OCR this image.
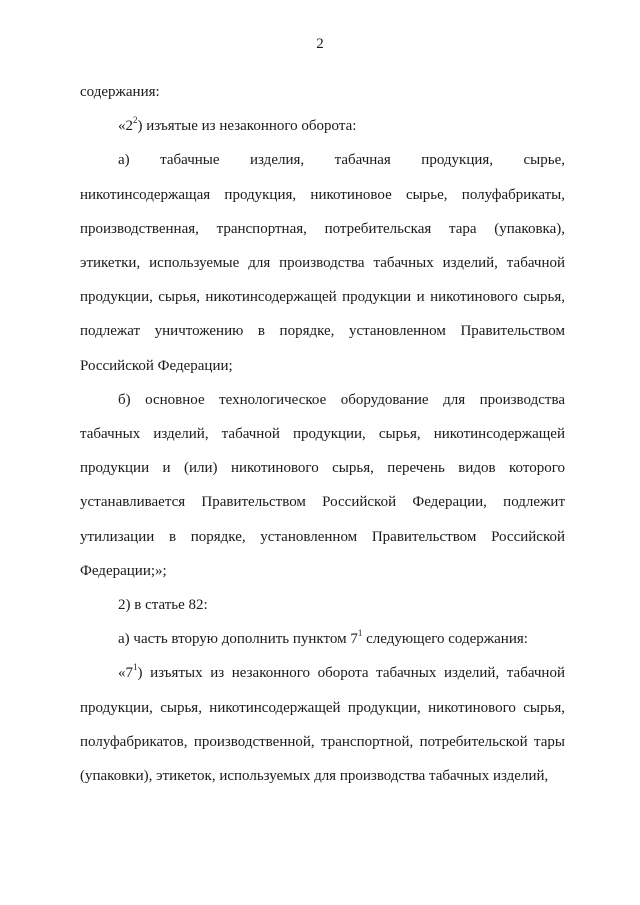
2

содержания:

«$2^2$) изъятые из незаконного оборота:

а) табачные изделия, табачная продукция, сырье, никотинсодержащая продукция, никотиновое сырье, полуфабрикаты, производственная, транспортная, потребительская тара (упаковка), этикетки, используемые для производства табачных изделий, табачной продукции, сырья, никотинсодержащей продукции и никотинового сырья, подлежат уничтожению в порядке, установленном Правительством Российской Федерации;

б) основное технологическое оборудование для производства табачных изделий, табачной продукции, сырья, никотинсодержащей продукции и (или) никотинового сырья, перечень видов которого устанавливается Правительством Российской Федерации, подлежит утилизации в порядке, установленном Правительством Российской Федерации;»;

2) в статье 82:

а) часть вторую дополнить пунктом $7^1$ следующего содержания:

«$7^1$) изъятых из незаконного оборота табачных изделий, табачной продукции, сырья, никотинсодержащей продукции, никотинового сырья, полуфабрикатов, производственной, транспортной, потребительской тары (упаковки), этикеток, используемых для производства табачных изделий,
